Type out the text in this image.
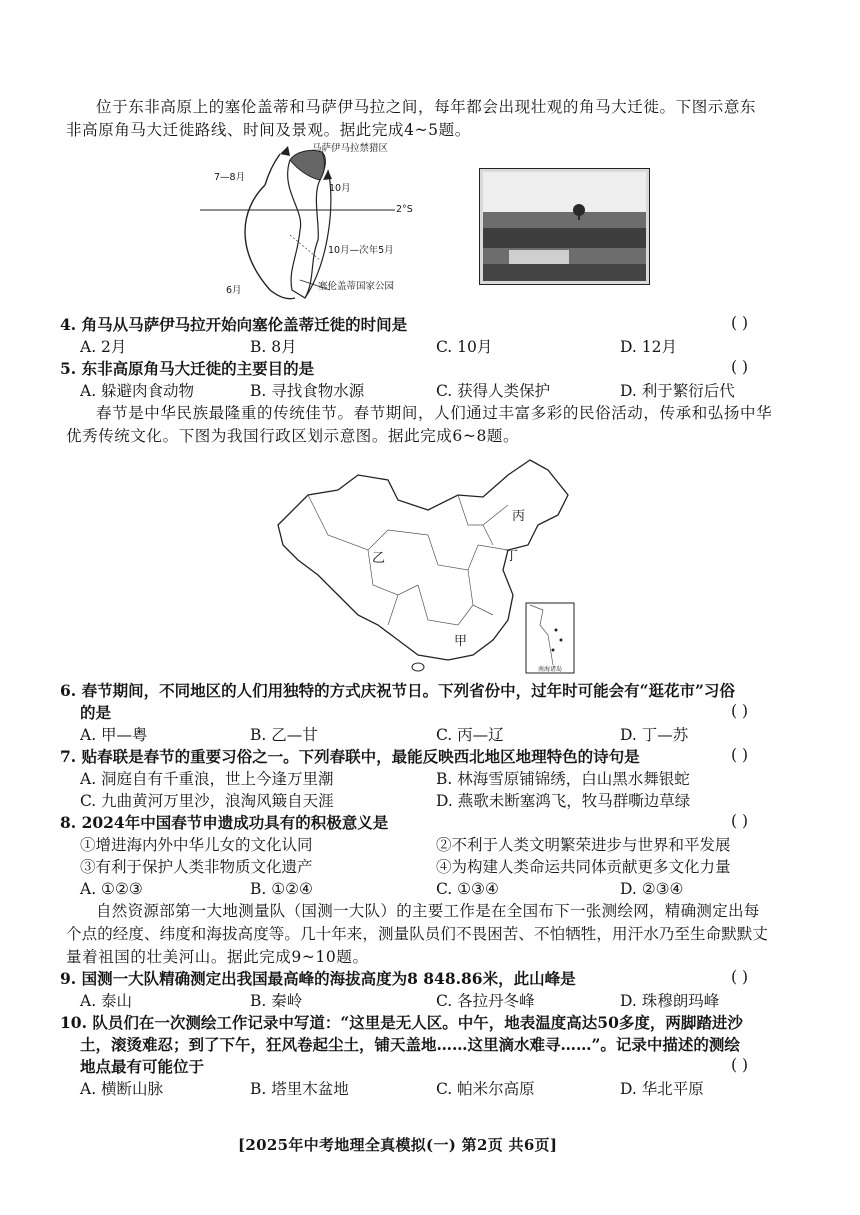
位于东非高原上的塞伦盖蒂和马萨伊马拉之间，每年都会出现壮观的角马大迁徙。下图示意东
非高原角马大迁徙路线、时间及景观。据此完成4~5题。
马萨伊马拉禁猎区
7—8月
10月
2°S
10月—次年5月
塞伦盖蒂国家公园
6月
4. 角马从马萨伊马拉开始向塞伦盖蒂迁徙的时间是	( )
A. 2月	B. 8月	C. 10月	D. 12月
5. 东非高原角马大迁徙的主要目的是	( )
A. 躲避肉食动物	B. 寻找食物水源	C. 获得人类保护	D. 利于繁衍后代
春节是中华民族最隆重的传统佳节。春节期间，人们通过丰富多彩的民俗活动，传承和弘扬中华
优秀传统文化。下图为我国行政区划示意图。据此完成6~8题。
乙
丙
丁
甲
南海诸岛
6. 春节期间，不同地区的人们用独特的方式庆祝节日。下列省份中，过年时可能会有“逛花市”习俗
的是	( )
A. 甲—粤	B. 乙—甘	C. 丙—辽	D. 丁—苏
7. 贴春联是春节的重要习俗之一。下列春联中，最能反映西北地区地理特色的诗句是	( )
A. 洞庭自有千重浪，世上今逢万里潮	B. 林海雪原铺锦绣，白山黑水舞银蛇
C. 九曲黄河万里沙，浪淘风簸自天涯	D. 燕歌未断塞鸿飞，牧马群嘶边草绿
8. 2024年中国春节申遗成功具有的积极意义是	( )
①增进海内外中华儿女的文化认同	②不利于人类文明繁荣进步与世界和平发展
③有利于保护人类非物质文化遗产	④为构建人类命运共同体贡献更多文化力量
A. ①②③	B. ①②④	C. ①③④	D. ②③④
自然资源部第一大地测量队（国测一大队）的主要工作是在全国布下一张测绘网，精确测定出每
个点的经度、纬度和海拔高度等。几十年来，测量队员们不畏困苦、不怕牺牲，用汗水乃至生命默默丈
量着祖国的壮美河山。据此完成9~10题。
9. 国测一大队精确测定出我国最高峰的海拔高度为8 848.86米，此山峰是	( )
A. 泰山	B. 秦岭	C. 各拉丹冬峰	D. 珠穆朗玛峰
10. 队员们在一次测绘工作记录中写道：“这里是无人区。中午，地表温度高达50多度，两脚踏进沙
土，滚烫难忍；到了下午，狂风卷起尘土，铺天盖地……这里滴水难寻……”。记录中描述的测绘
地点最有可能位于	( )
A. 横断山脉	B. 塔里木盆地	C. 帕米尔高原	D. 华北平原
[2025年中考地理全真模拟(一) 第2页 共6页]
